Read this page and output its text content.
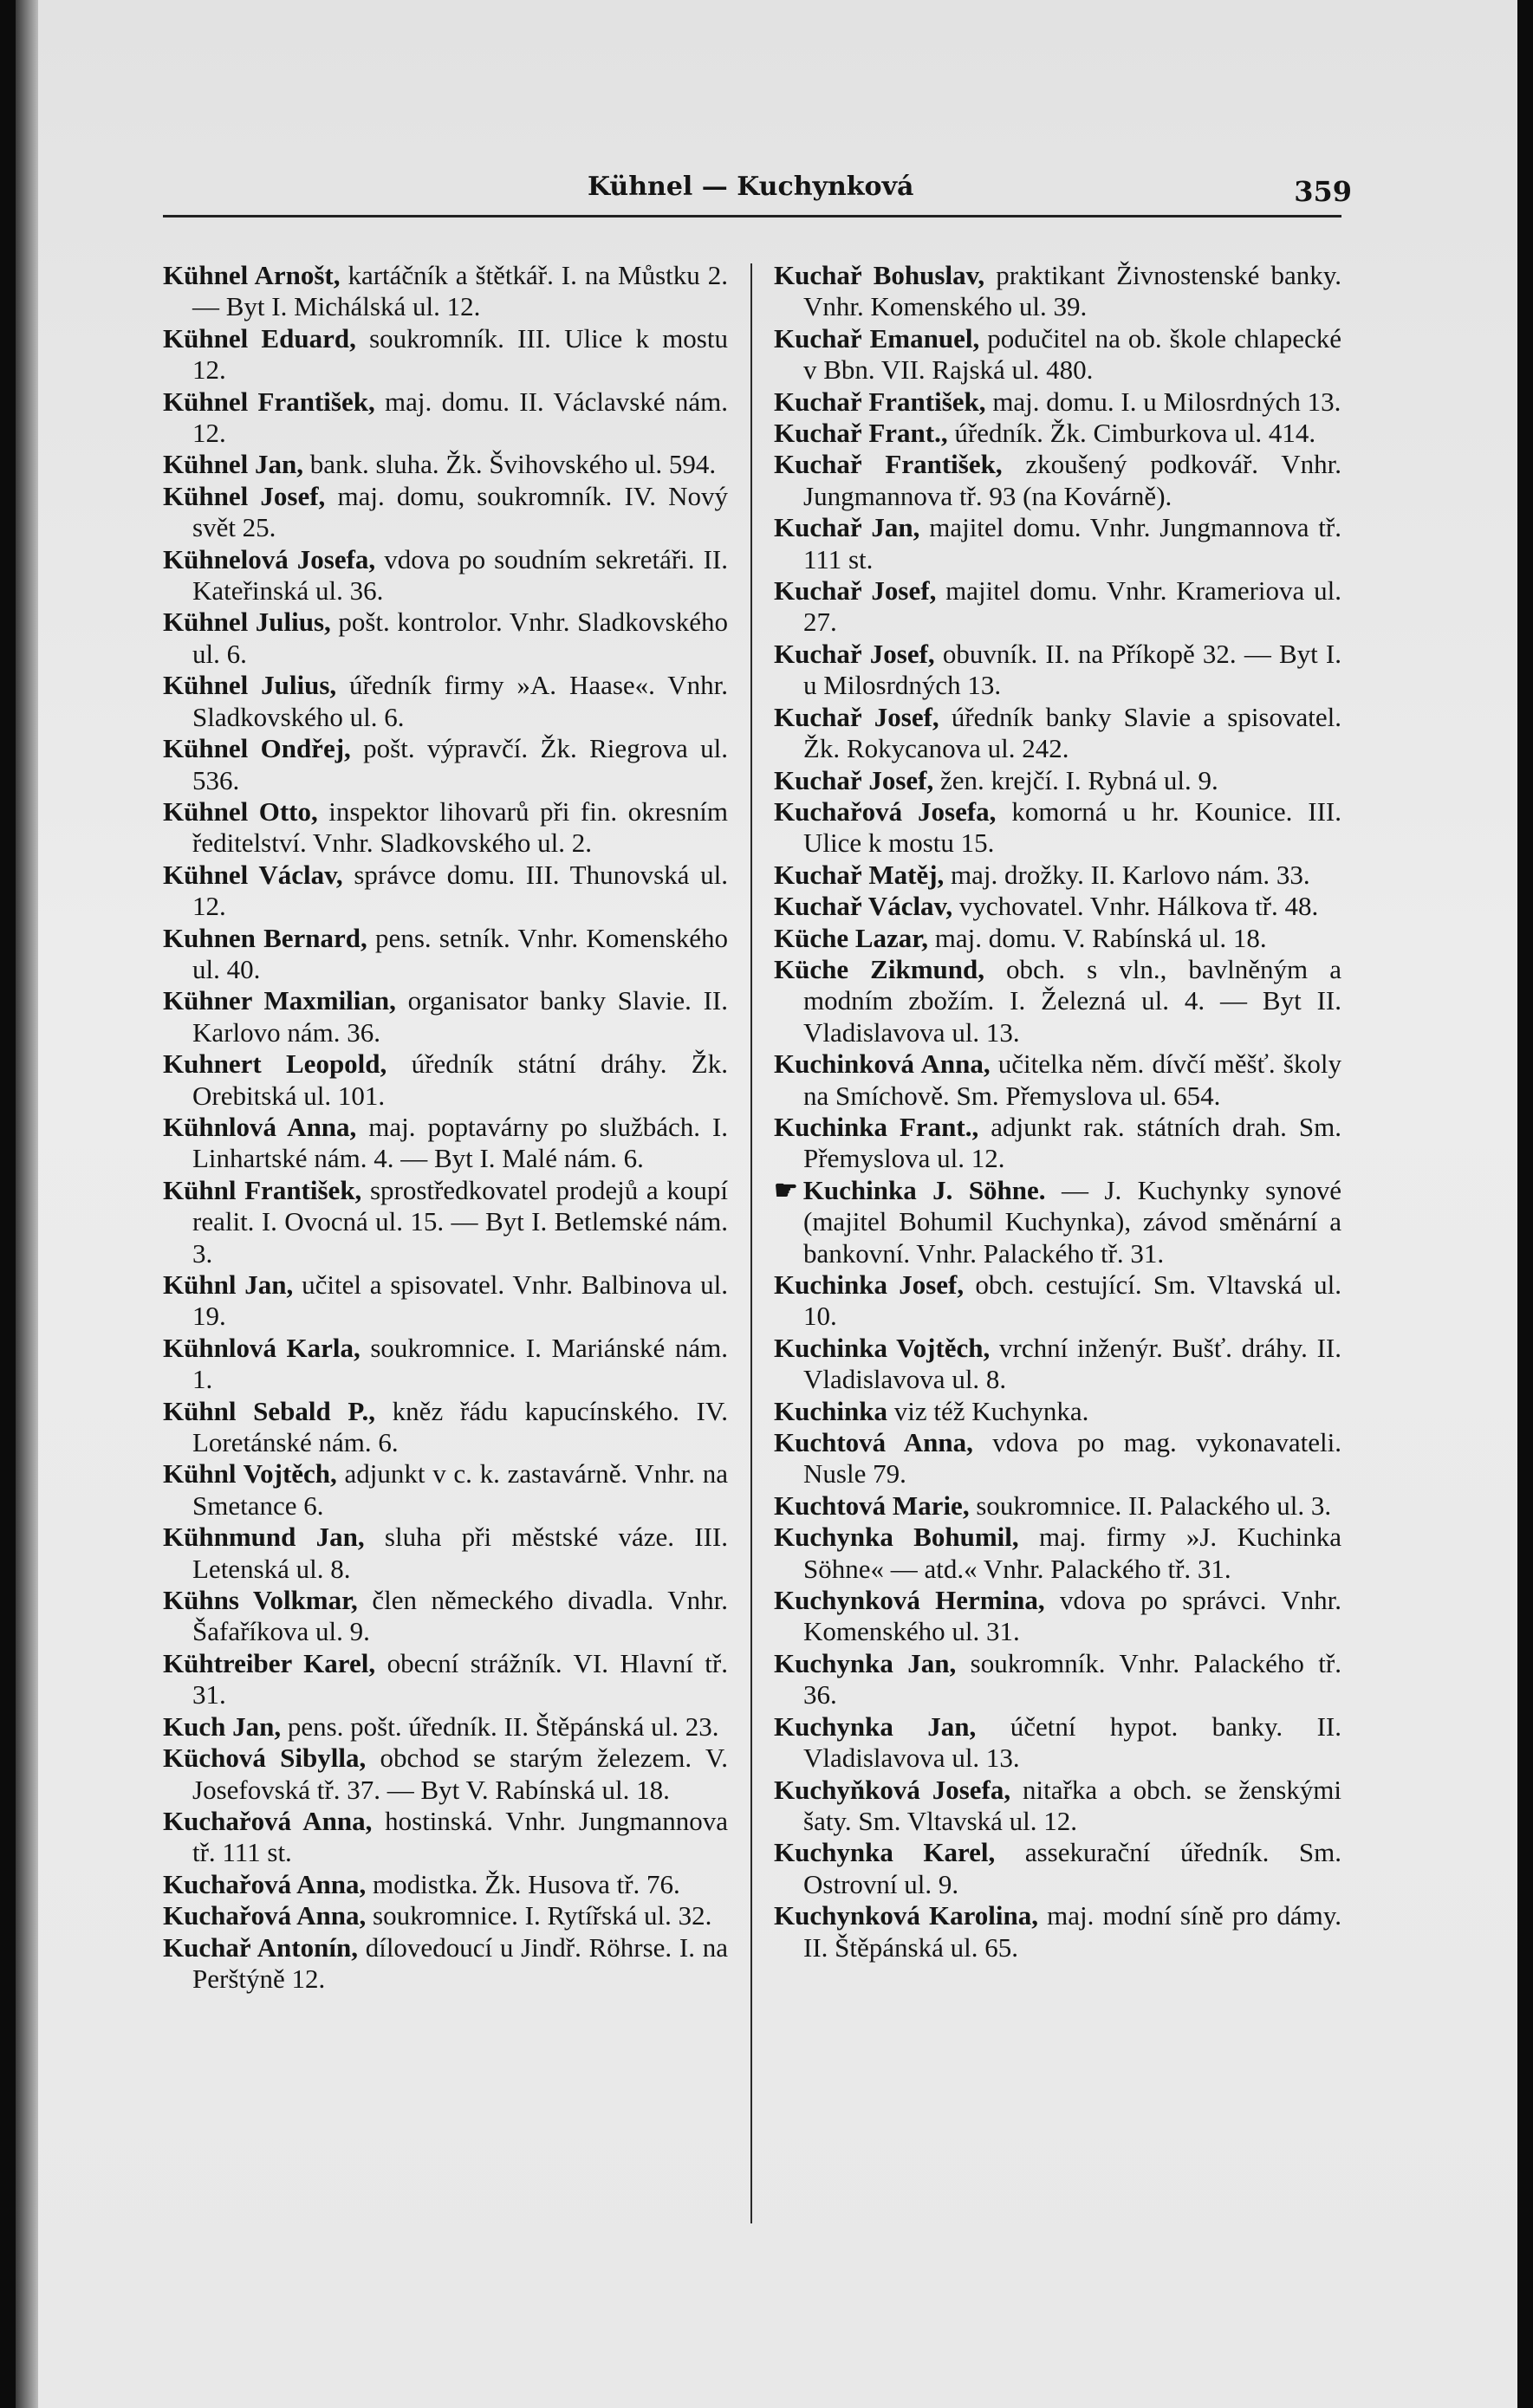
Kühnel — Kuchynková	359
Kühnel Arnošt, kartáčník a štětkář. I. na Můstku 2. — Byt I. Michálská ul. 12.
Kühnel Eduard, soukromník. III. Ulice k mostu 12.
Kühnel František, maj. domu. II. Václavské nám. 12.
Kühnel Jan, bank. sluha. Žk. Švihovského ul. 594.
Kühnel Josef, maj. domu, soukromník. IV. Nový svět 25.
Kühnelová Josefa, vdova po soudním sekretáři. II. Kateřinská ul. 36.
Kühnel Julius, pošt. kontrolor. Vnhr. Sladkovského ul. 6.
Kühnel Julius, úředník firmy »A. Haase«. Vnhr. Sladkovského ul. 6.
Kühnel Ondřej, pošt. výpravčí. Žk. Riegrova ul. 536.
Kühnel Otto, inspektor lihovarů při fin. okresním ředitelství. Vnhr. Sladkovského ul. 2.
Kühnel Václav, správce domu. III. Thunovská ul. 12.
Kuhnen Bernard, pens. setník. Vnhr. Komenského ul. 40.
Kühner Maxmilian, organisator banky Slavie. II. Karlovo nám. 36.
Kuhnert Leopold, úředník státní dráhy. Žk. Orebitská ul. 101.
Kühnlová Anna, maj. poptavárny po službách. I. Linhartské nám. 4. — Byt I. Malé nám. 6.
Kühnl František, sprostředkovatel prodejů a koupí realit. I. Ovocná ul. 15. — Byt I. Betlemské nám. 3.
Kühnl Jan, učitel a spisovatel. Vnhr. Balbinova ul. 19.
Kühnlová Karla, soukromnice. I. Mariánské nám. 1.
Kühnl Sebald P., kněz řádu kapucínského. IV. Loretánské nám. 6.
Kühnl Vojtěch, adjunkt v c. k. zastavárně. Vnhr. na Smetance 6.
Kühnmund Jan, sluha při městské váze. III. Letenská ul. 8.
Kühns Volkmar, člen německého divadla. Vnhr. Šafaříkova ul. 9.
Kühtreiber Karel, obecní strážník. VI. Hlavní tř. 31.
Kuch Jan, pens. pošt. úředník. II. Štěpánská ul. 23.
Küchová Sibylla, obchod se starým železem. V. Josefovská tř. 37. — Byt V. Rabínská ul. 18.
Kuchařová Anna, hostinská. Vnhr. Jungmannova tř. 111 st.
Kuchařová Anna, modistka. Žk. Husova tř. 76.
Kuchařová Anna, soukromnice. I. Rytířská ul. 32.
Kuchař Antonín, dílovedoucí u Jindř. Röhrse. I. na Perštýně 12.
Kuchař Bohuslav, praktikant Živnostenské banky. Vnhr. Komenského ul. 39.
Kuchař Emanuel, podučitel na ob. škole chlapecké v Bbn. VII. Rajská ul. 480.
Kuchař František, maj. domu. I. u Milosrdných 13.
Kuchař Frant., úředník. Žk. Cimburkova ul. 414.
Kuchař František, zkoušený podkovář. Vnhr. Jungmannova tř. 93 (na Kovárně).
Kuchař Jan, majitel domu. Vnhr. Jungmannova tř. 111 st.
Kuchař Josef, majitel domu. Vnhr. Krameriova ul. 27.
Kuchař Josef, obuvník. II. na Příkopě 32. — Byt I. u Milosrdných 13.
Kuchař Josef, úředník banky Slavie a spisovatel. Žk. Rokycanova ul. 242.
Kuchař Josef, žen. krejčí. I. Rybná ul. 9.
Kuchařová Josefa, komorná u hr. Kounice. III. Ulice k mostu 15.
Kuchař Matěj, maj. drožky. II. Karlovo nám. 33.
Kuchař Václav, vychovatel. Vnhr. Hálkova tř. 48.
Küche Lazar, maj. domu. V. Rabínská ul. 18.
Küche Zikmund, obch. s vln., bavlněným a modním zbožím. I. Železná ul. 4. — Byt II. Vladislavova ul. 13.
Kuchinková Anna, učitelka něm. dívčí měšť. školy na Smíchově. Sm. Přemyslova ul. 654.
Kuchinka Frant., adjunkt rak. státních drah. Sm. Přemyslova ul. 12.
☛ Kuchinka J. Söhne. — J. Kuchynky synové (majitel Bohumil Kuchynka), závod směnární a bankovní. Vnhr. Palackého tř. 31.
Kuchinka Josef, obch. cestující. Sm. Vltavská ul. 10.
Kuchinka Vojtěch, vrchní inženýr. Bušť. dráhy. II. Vladislavova ul. 8.
Kuchinka viz též Kuchynka.
Kuchtová Anna, vdova po mag. vykonavateli. Nusle 79.
Kuchtová Marie, soukromnice. II. Palackého ul. 3.
Kuchynka Bohumil, maj. firmy »J. Kuchinka Söhne« — atd.« Vnhr. Palackého tř. 31.
Kuchynková Hermina, vdova po správci. Vnhr. Komenského ul. 31.
Kuchynka Jan, soukromník. Vnhr. Palackého tř. 36.
Kuchynka Jan, účetní hypot. banky. II. Vladislavova ul. 13.
Kuchyňková Josefa, nitařka a obch. se ženskými šaty. Sm. Vltavská ul. 12.
Kuchynka Karel, assekurační úředník. Sm. Ostrovní ul. 9.
Kuchynková Karolina, maj. modní síně pro dámy. II. Štěpánská ul. 65.
